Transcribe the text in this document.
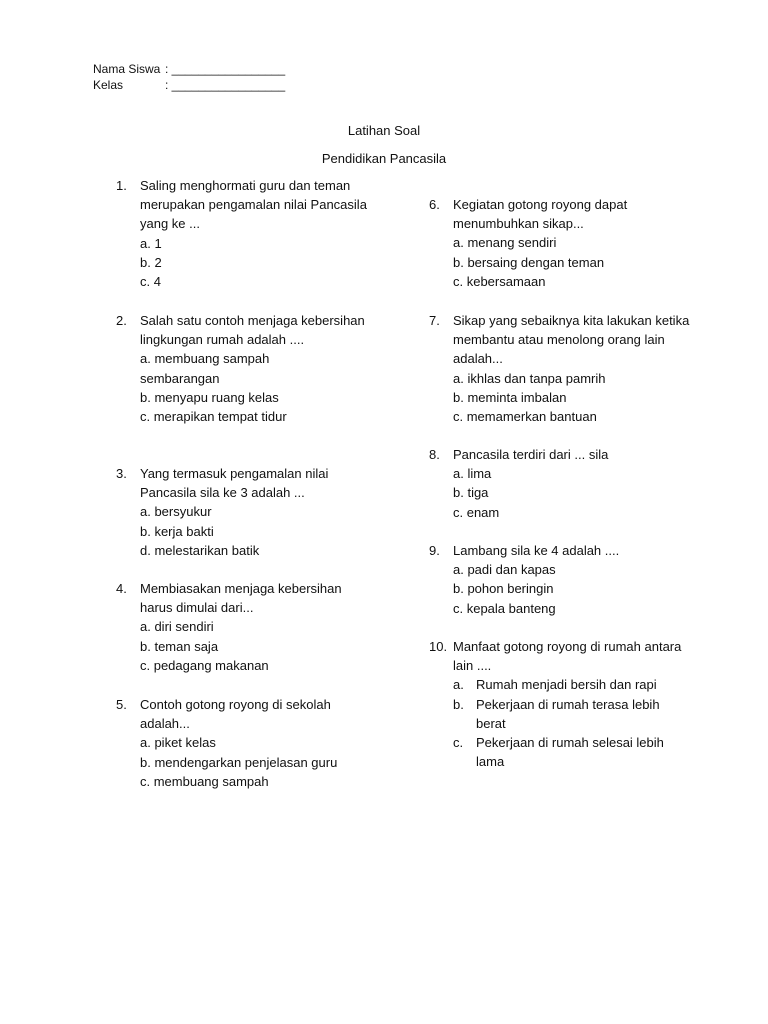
Nama Siswa : _________________
Kelas	: _________________
Latihan Soal
Pendidikan Pancasila
1. Saling menghormati guru dan teman merupakan pengamalan nilai Pancasila yang ke ...
a. 1
b. 2
c. 4
2. Salah satu contoh menjaga kebersihan lingkungan rumah adalah ....
a. membuang sampah sembarangan
b. menyapu ruang kelas
c. merapikan tempat tidur
3. Yang termasuk pengamalan nilai Pancasila sila ke 3 adalah ...
a. bersyukur
b. kerja bakti
d. melestarikan batik
4. Membiasakan menjaga kebersihan harus dimulai dari...
a. diri sendiri
b. teman saja
c. pedagang makanan
5. Contoh gotong royong di sekolah adalah...
a. piket kelas
b. mendengarkan penjelasan guru
c. membuang sampah
6. Kegiatan gotong royong dapat menumbuhkan sikap...
a. menang sendiri
b. bersaing dengan teman
c. kebersamaan
7. Sikap yang sebaiknya kita lakukan ketika membantu atau menolong orang lain adalah...
a. ikhlas dan tanpa pamrih
b. meminta imbalan
c. memamerkan bantuan
8. Pancasila terdiri dari ... sila
a. lima
b. tiga
c. enam
9. Lambang sila ke 4 adalah ....
a. padi dan kapas
b. pohon beringin
c. kepala banteng
10. Manfaat gotong royong di rumah antara lain ....
a. Rumah menjadi bersih dan rapi
b. Pekerjaan di rumah terasa lebih berat
c. Pekerjaan di rumah selesai lebih lama
